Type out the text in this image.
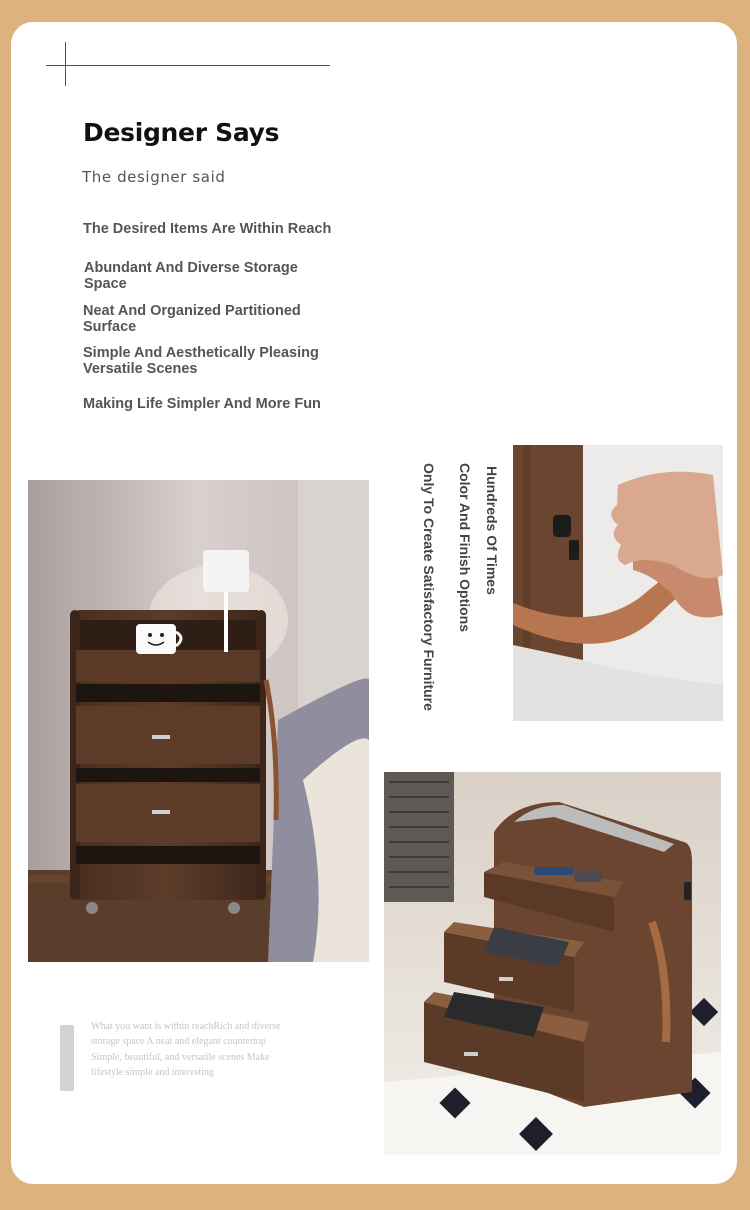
Designer Says
The designer said
The Desired Items Are Within Reach
Abundant And Diverse Storage Space
Neat And Organized Partitioned Surface
Simple And Aesthetically Pleasing Versatile Scenes
Making Life Simpler And More Fun
Hundreds Of Times
Color And Finish Options
Only To Create Satisfactory Furniture
What you want is within reachRich and diverse storage space A neat and elegant countertop Simple, beautiful, and versatile scenes Make lifestyle simple and interesting
